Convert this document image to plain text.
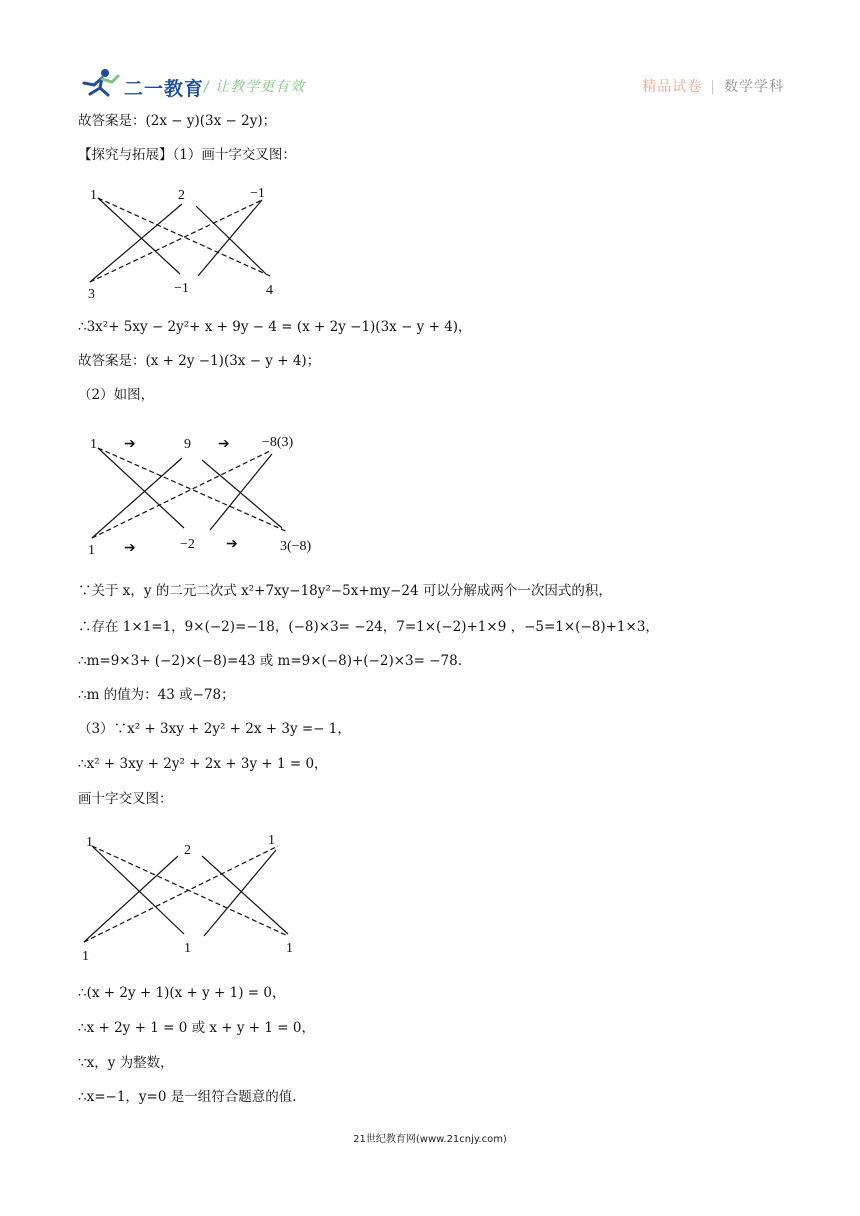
二一教育 / 让教学更有效	精品试卷 | 数学学科
故答案是：(2x − y)(3x − 2y)；
【探究与拓展】（1）画十字交叉图：
1	2	−1
3	−1	4
∴3x²+ 5xy − 2y²+ x + 9y − 4 = (x + 2y −1)(3x − y + 4)，
故答案是：(x + 2y −1)(3x − y + 4)；
（2）如图，
1 ➔	9 ➔ −8(3)
1 ➔	−2 ➔	3(−8)
∵关于 x，y 的二元二次式 x²+7xy−18y²−5x+my−24 可以分解成两个一次因式的积，
∴存在 1×1=1，9×(−2)=−18，(−8)×3= −24，7=1×(−2)+1×9 ，−5=1×(−8)+1×3，
∴m=9×3+ (−2)×(−8)=43 或 m=9×(−8)+(−2)×3= −78.
∴m 的值为：43 或−78；
（3）∵x² + 3xy + 2y² + 2x + 3y =− 1，
∴x² + 3xy + 2y² + 2x + 3y + 1 = 0，
画十字交叉图：
1
2
1
1
1	1
∴(x + 2y + 1)(x + y + 1) = 0，
∴x + 2y + 1 = 0 或 x + y + 1 = 0，
∵x，y 为整数，
∴x=−1，y=0 是一组符合题意的值.
21世纪教育网(www.21cnjy.com)
